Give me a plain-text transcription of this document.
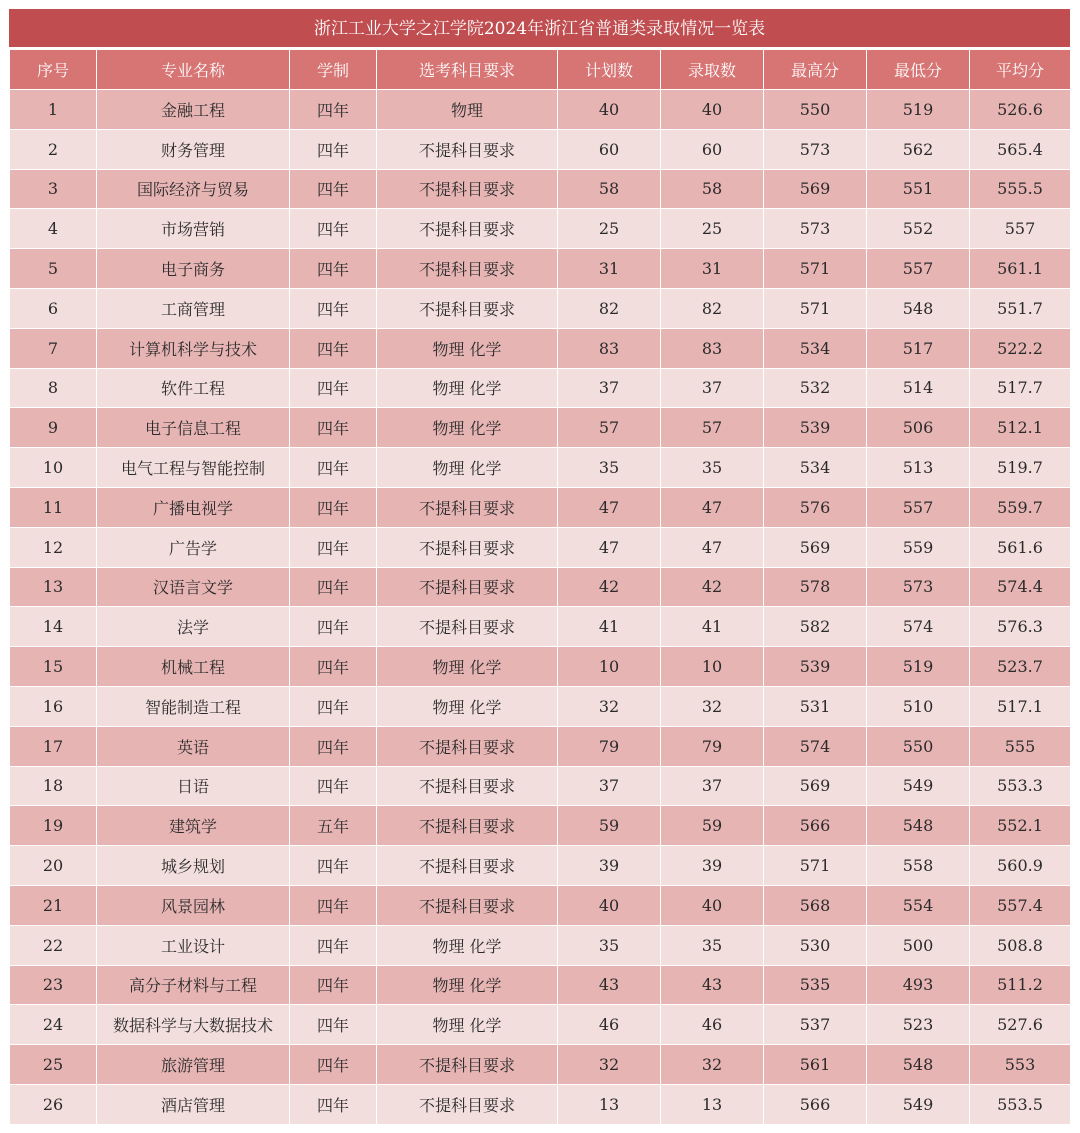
浙江工业大学之江学院2024年浙江省普通类录取情况一览表
序号	专业名称	学制	选考科目要求	计划数	录取数	最高分	最低分	平均分
1	金融工程	四年	物理	40	40	550	519	526.6
2	财务管理	四年	不提科目要求	60	60	573	562	565.4
3	国际经济与贸易	四年	不提科目要求	58	58	569	551	555.5
4	市场营销	四年	不提科目要求	25	25	573	552	557
5	电子商务	四年	不提科目要求	31	31	571	557	561.1
6	工商管理	四年	不提科目要求	82	82	571	548	551.7
7	计算机科学与技术	四年	物理 化学	83	83	534	517	522.2
8	软件工程	四年	物理 化学	37	37	532	514	517.7
9	电子信息工程	四年	物理 化学	57	57	539	506	512.1
10	电气工程与智能控制	四年	物理 化学	35	35	534	513	519.7
11	广播电视学	四年	不提科目要求	47	47	576	557	559.7
12	广告学	四年	不提科目要求	47	47	569	559	561.6
13	汉语言文学	四年	不提科目要求	42	42	578	573	574.4
14	法学	四年	不提科目要求	41	41	582	574	576.3
15	机械工程	四年	物理 化学	10	10	539	519	523.7
16	智能制造工程	四年	物理 化学	32	32	531	510	517.1
17	英语	四年	不提科目要求	79	79	574	550	555
18	日语	四年	不提科目要求	37	37	569	549	553.3
19	建筑学	五年	不提科目要求	59	59	566	548	552.1
20	城乡规划	四年	不提科目要求	39	39	571	558	560.9
21	风景园林	四年	不提科目要求	40	40	568	554	557.4
22	工业设计	四年	物理 化学	35	35	530	500	508.8
23	高分子材料与工程	四年	物理 化学	43	43	535	493	511.2
24	数据科学与大数据技术	四年	物理 化学	46	46	537	523	527.6
25	旅游管理	四年	不提科目要求	32	32	561	548	553
26	酒店管理	四年	不提科目要求	13	13	566	549	553.5
